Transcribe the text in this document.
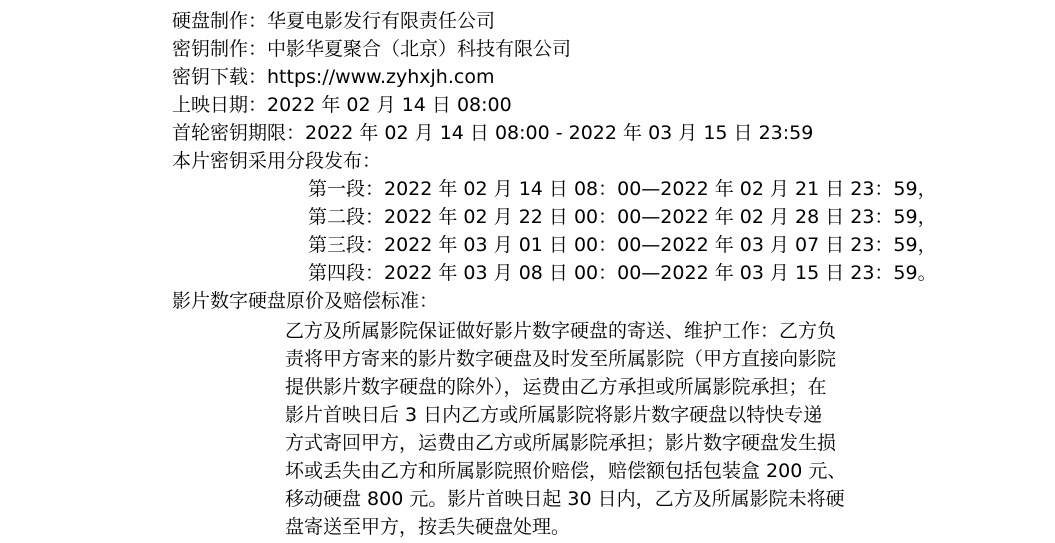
硬盘制作：华夏电影发行有限责任公司
密钥制作：中影华夏聚合（北京）科技有限公司
密钥下载：https://www.zyhxjh.com
上映日期：2022 年 02 月 14 日 08:00
首轮密钥期限：2022 年 02 月 14 日 08:00 - 2022 年 03 月 15 日 23:59
本片密钥采用分段发布：
第一段：2022 年 02 月 14 日 08：00—2022 年 02 月 21 日 23：59，
第二段：2022 年 02 月 22 日 00：00—2022 年 02 月 28 日 23：59，
第三段：2022 年 03 月 01 日 00：00—2022 年 03 月 07 日 23：59，
第四段：2022 年 03 月 08 日 00：00—2022 年 03 月 15 日 23：59。
影片数字硬盘原价及赔偿标准：
乙方及所属影院保证做好影片数字硬盘的寄送、维护工作：乙方负
责将甲方寄来的影片数字硬盘及时发至所属影院（甲方直接向影院
提供影片数字硬盘的除外），运费由乙方承担或所属影院承担；在
影片首映日后 3 日内乙方或所属影院将影片数字硬盘以特快专递
方式寄回甲方，运费由乙方或所属影院承担；影片数字硬盘发生损
坏或丢失由乙方和所属影院照价赔偿，赔偿额包括包装盒 200 元、
移动硬盘 800 元。影片首映日起 30 日内，乙方及所属影院未将硬
盘寄送至甲方，按丢失硬盘处理。
